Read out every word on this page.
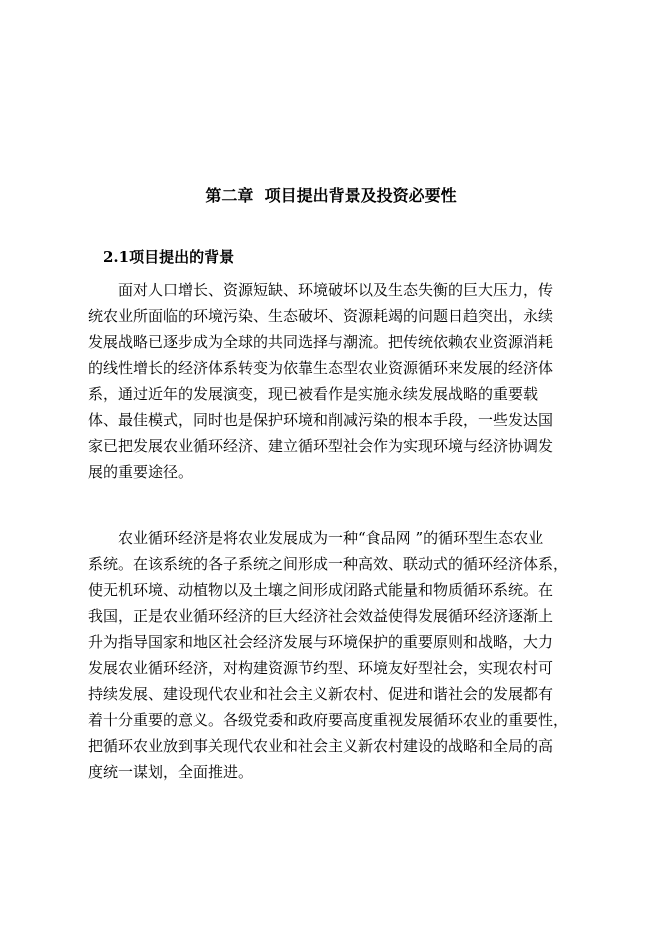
第二章  项目提出背景及投资必要性
2.1项目提出的背景
面对人口增长、资源短缺、环境破坏以及生态失衡的巨大压力，传
统农业所面临的环境污染、生态破坏、资源耗竭的问题日趋突出，永续
发展战略已逐步成为全球的共同选择与潮流。把传统依赖农业资源消耗
的线性增长的经济体系转变为依靠生态型农业资源循环来发展的经济体
系，通过近年的发展演变，现已被看作是实施永续发展战略的重要载
体、最佳模式，同时也是保护环境和削减污染的根本手段，一些发达国
家已把发展农业循环经济、建立循环型社会作为实现环境与经济协调发
展的重要途径。
农业循环经济是将农业发展成为一种“食品网 ”的循环型生态农业
系统。在该系统的各子系统之间形成一种高效、联动式的循环经济体系，
使无机环境、动植物以及土壤之间形成闭路式能量和物质循环系统。在
我国，正是农业循环经济的巨大经济社会效益使得发展循环经济逐渐上
升为指导国家和地区社会经济发展与环境保护的重要原则和战略，大力
发展农业循环经济，对构建资源节约型、环境友好型社会，实现农村可
持续发展、建设现代农业和社会主义新农村、促进和谐社会的发展都有
着十分重要的意义。各级党委和政府要高度重视发展循环农业的重要性，
把循环农业放到事关现代农业和社会主义新农村建设的战略和全局的高
度统一谋划，全面推进。
